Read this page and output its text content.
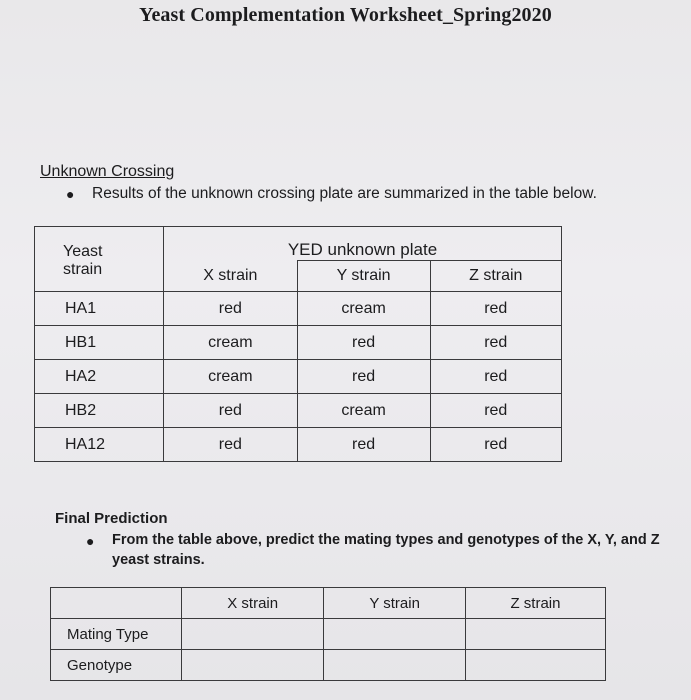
Yeast Complementation Worksheet_Spring2020
Unknown Crossing
●	Results of the unknown crossing plate are summarized in the table below.
Yeast
strain	YED unknown plate		
	X strain	Y strain	Z strain
HA1	red	cream	red
HB1	cream	red	red
HA2	cream	red	red
HB2	red	cream	red
HA12	red	red	red
Final Prediction
●	From the table above, predict the mating types and genotypes of the X, Y, and Z yeast strains.
	X strain	Y strain	Z strain
Mating Type			
Genotype			
